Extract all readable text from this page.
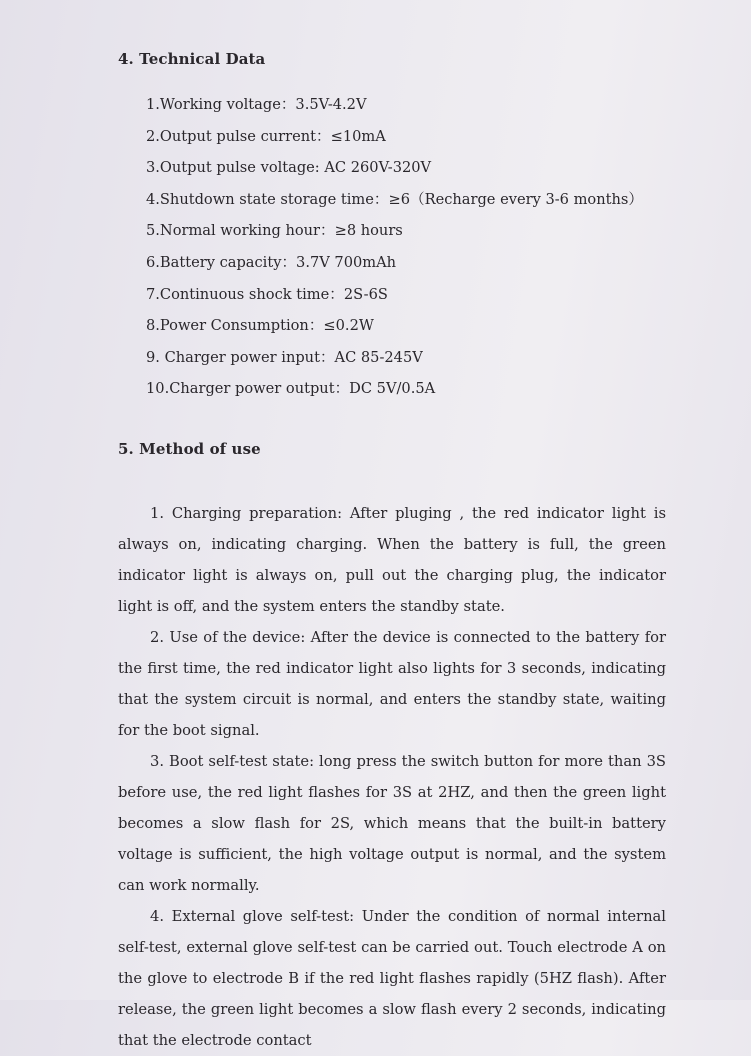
4. Technical Data
1.Working voltage：3.5V-4.2V
2.Output pulse current：≤10mA
3.Output pulse voltage: AC 260V-320V
4.Shutdown state storage time：≥6（Recharge every 3-6 months）
5.Normal working hour：≥8 hours
6.Battery capacity：3.7V 700mAh
7.Continuous shock time：2S-6S
8.Power Consumption：≤0.2W
9. Charger power input：AC 85-245V
10.Charger power output：DC 5V/0.5A
5. Method of use

1. Charging preparation: After pluging , the red indicator light is always on, indicating charging. When the battery is full, the green indicator light is always on, pull out the charging plug, the indicator light is off, and the system enters the standby state.

2. Use of the device: After the device is connected to the battery for the first time, the red indicator light also lights for 3 seconds, indicating that the system circuit is normal, and enters the standby state, waiting for the boot signal.

3. Boot self-test state: long press the switch button for more than 3S before use, the red light flashes for 3S at 2HZ, and then the green light becomes a slow flash for 2S, which means that the built-in battery voltage is sufficient, the high voltage output is normal, and the system can work normally.

4. External glove self-test: Under the condition of normal internal self-test, external glove self-test can be carried out. Touch electrode A on the glove to electrode B if the red light flashes rapidly (5HZ flash). After release, the green light becomes a slow flash every 2 seconds, indicating that the electrode contact
